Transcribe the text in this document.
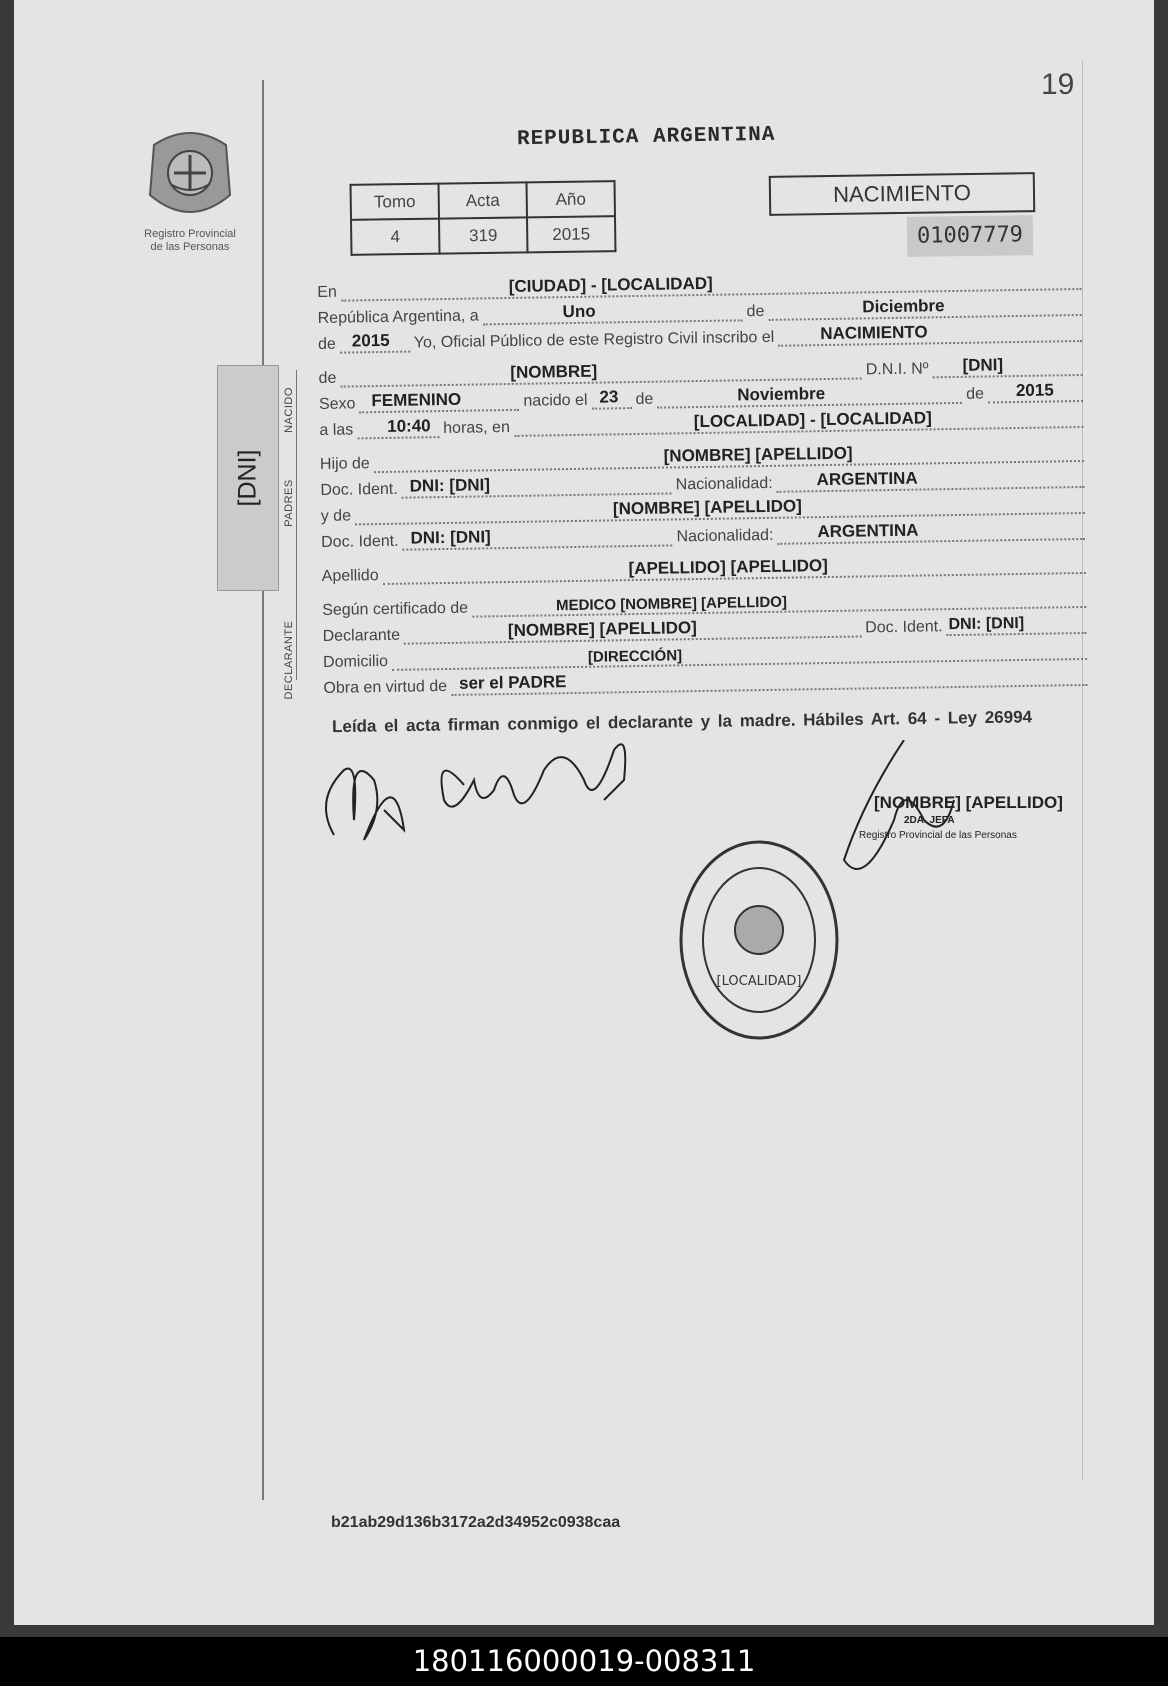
19
REPUBLICA ARGENTINA
Registro Provincial
de las Personas
Tomo	Acta	Año
4	319	2015
NACIMIENTO
01007779
[DNI]
NACIDO
PADRES
DECLARANTE
En	[CIUDAD] - [LOCALIDAD]
República Argentina, a	Uno	de	Diciembre
de 2015 Yo, Oficial Público de este Registro Civil inscribo el	NACIMIENTO
de	[NOMBRE]	D.N.I. Nº [DNI]
Sexo FEMENINO	nacido el 23 de	Noviembre	de 2015
a las 10:40 horas, en	[LOCALIDAD] - [LOCALIDAD]
Hijo de	[NOMBRE] [APELLIDO]
Doc. Ident. DNI: [DNI]	Nacionalidad:	ARGENTINA
y de	[NOMBRE] [APELLIDO]
Doc. Ident. DNI: [DNI]	Nacionalidad:	ARGENTINA
Apellido	[APELLIDO] [APELLIDO]
Según certificado de	MEDICO [NOMBRE] [APELLIDO]
Declarante	[NOMBRE] [APELLIDO]	Doc. Ident. DNI: [DNI]
Domicilio	[DIRECCIÓN]
Obra en virtud de ser el PADRE
Leída el acta firman conmigo el declarante y la madre. Hábiles Art. 64 - Ley 26994
[LOCALIDAD]
[NOMBRE] [APELLIDO]
2DA. JEFA
Registro Provincial de las Personas
b21ab29d136b3172a2d34952c0938caa
180116000019-008311
